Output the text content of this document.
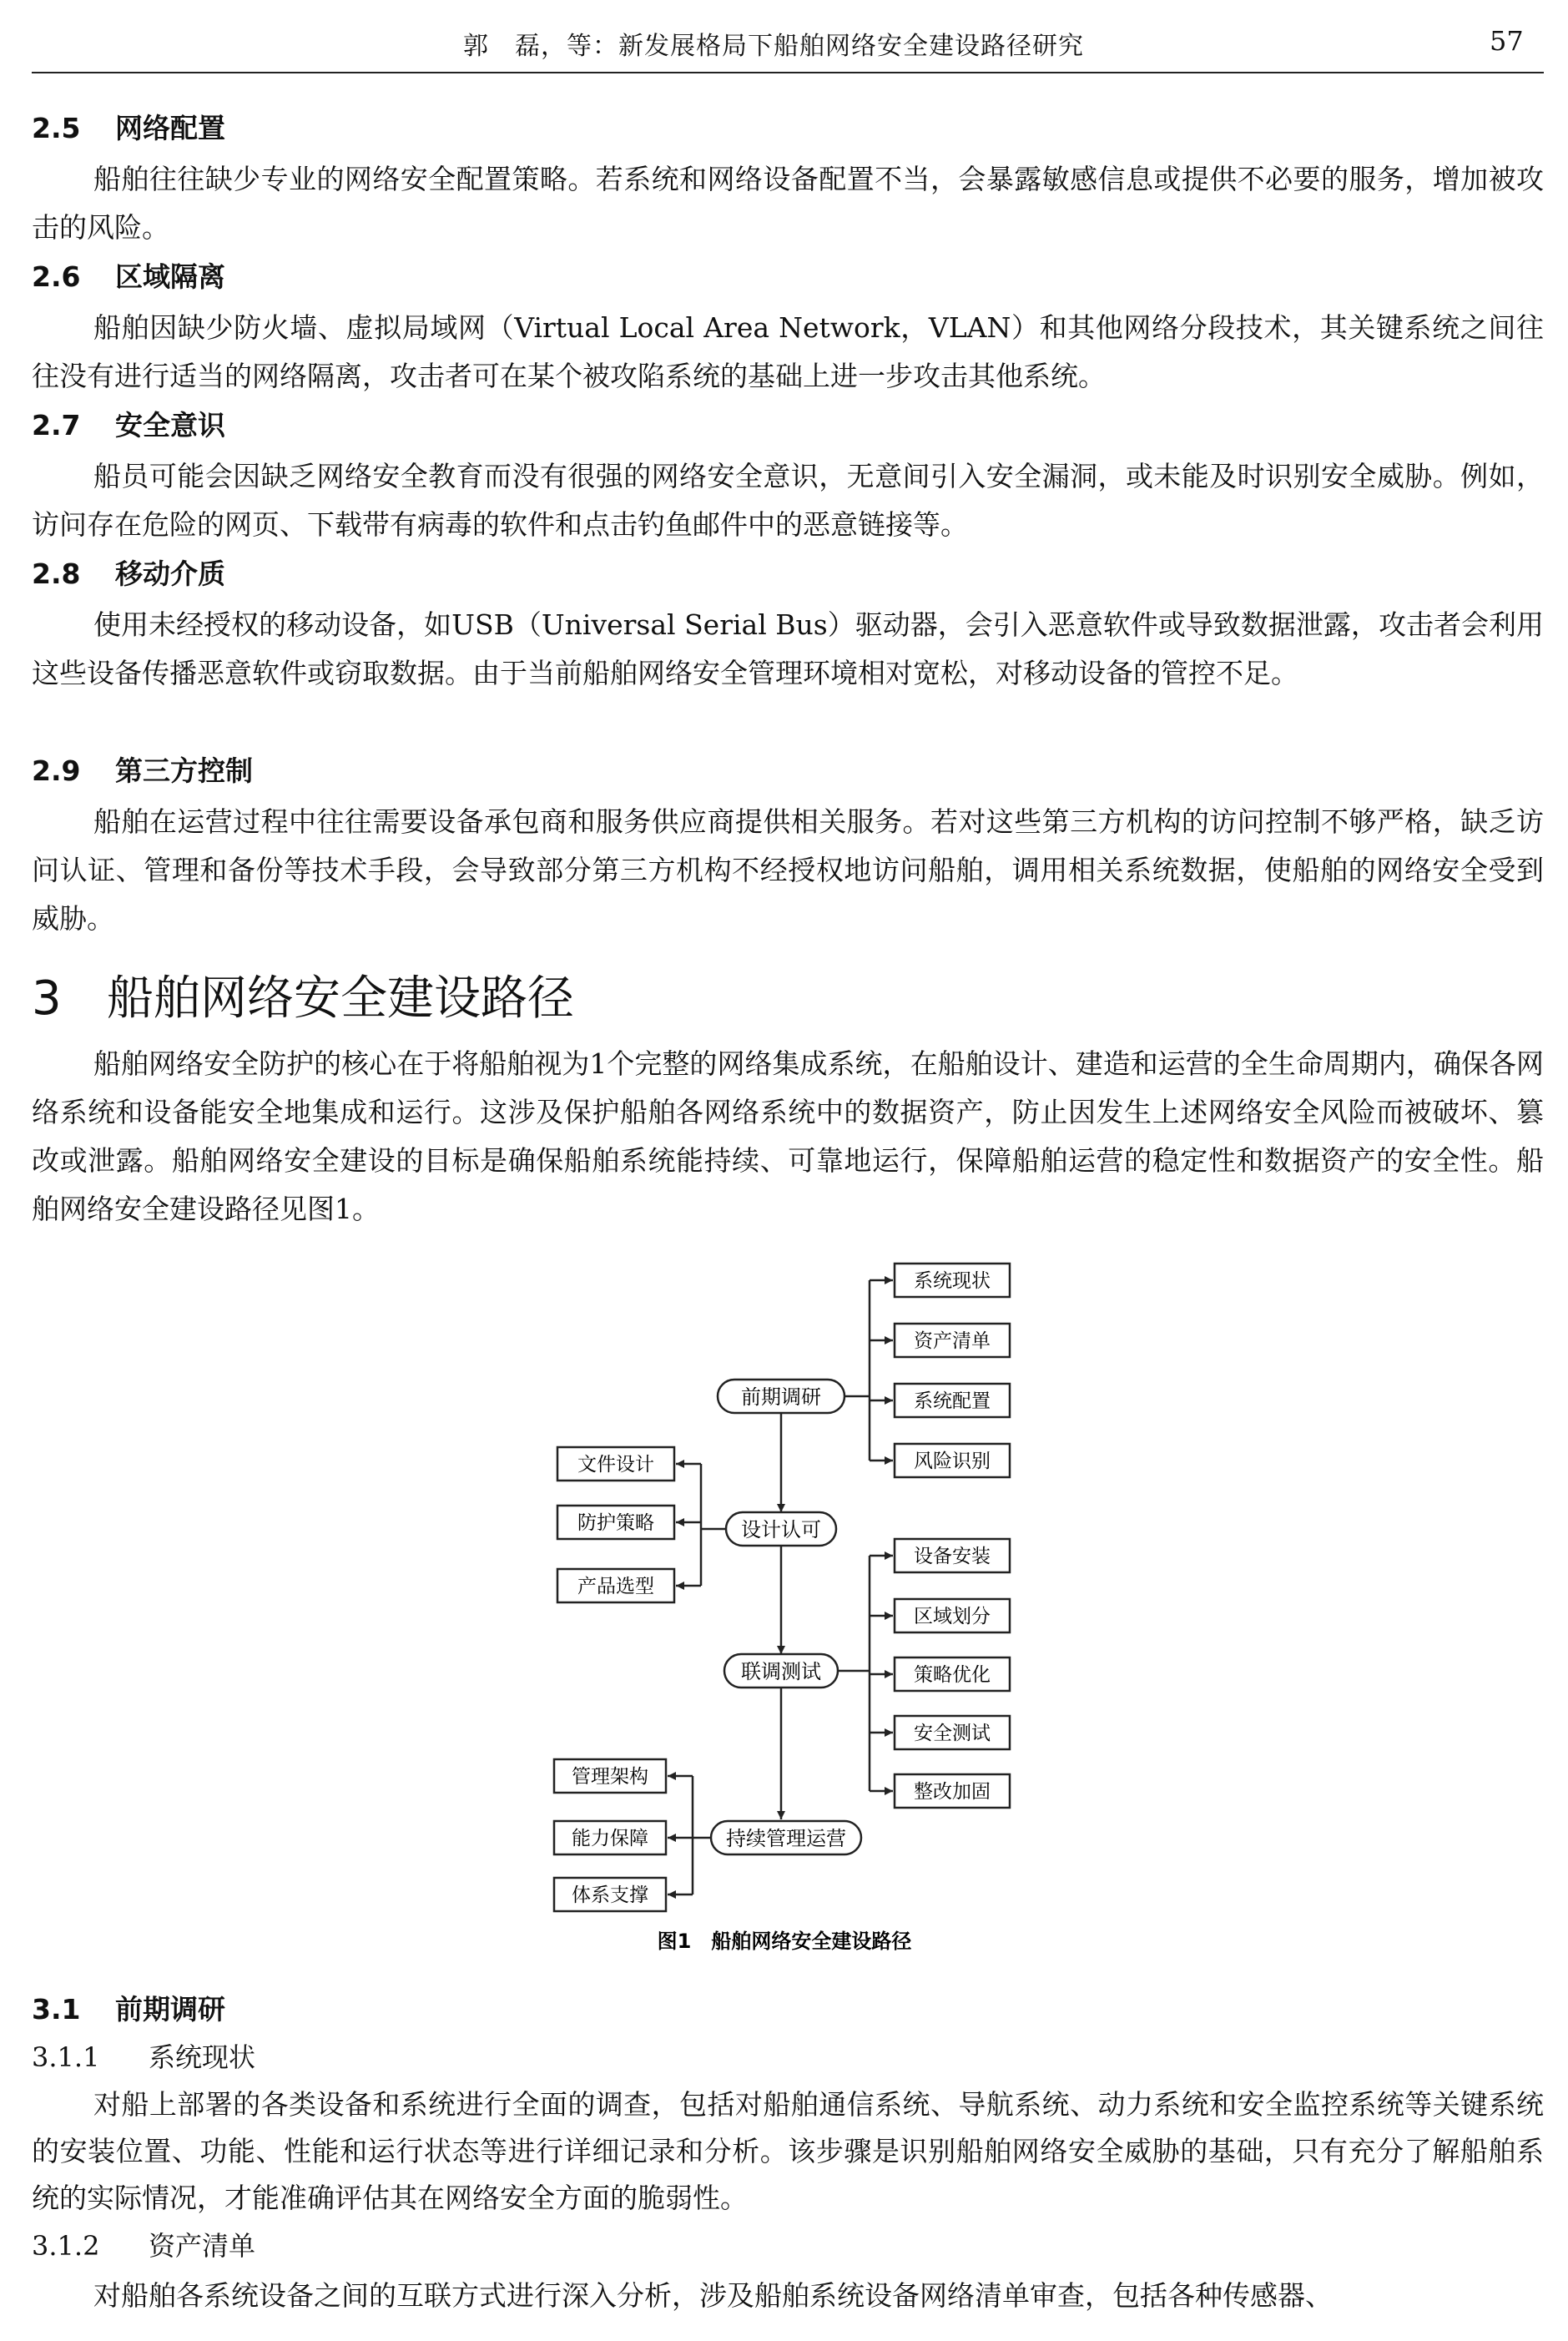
郭　磊，等：新发展格局下船舶网络安全建设路径研究	57
2.5 网络配置

船舶往往缺少专业的网络安全配置策略。若系统和网络设备配置不当，会暴露敏感信息或提供不必要的服务，增加被攻击的风险。

2.6 区域隔离

船舶因缺少防火墙、虚拟局域网（Virtual Local Area Network，VLAN）和其他网络分段技术，其关键系统之间往往没有进行适当的网络隔离，攻击者可在某个被攻陷系统的基础上进一步攻击其他系统。

2.7 安全意识

船员可能会因缺乏网络安全教育而没有很强的网络安全意识，无意间引入安全漏洞，或未能及时识别安全威胁。例如，访问存在危险的网页、下载带有病毒的软件和点击钓鱼邮件中的恶意链接等。

2.8 移动介质

使用未经授权的移动设备，如USB（Universal Serial Bus）驱动器，会引入恶意软件或导致数据泄露，攻击者会利用这些设备传播恶意软件或窃取数据。由于当前船舶网络安全管理环境相对宽松，对移动设备的管控不足。

2.9 第三方控制

船舶在运营过程中往往需要设备承包商和服务供应商提供相关服务。若对这些第三方机构的访问控制不够严格，缺乏访问认证、管理和备份等技术手段，会导致部分第三方机构不经授权地访问船舶，调用相关系统数据，使船舶的网络安全受到威胁。

3 船舶网络安全建设路径

船舶网络安全防护的核心在于将船舶视为1个完整的网络集成系统，在船舶设计、建造和运营的全生命周期内，确保各网络系统和设备能安全地集成和运行。这涉及保护船舶各网络系统中的数据资产，防止因发生上述网络安全风险而被破坏、篡改或泄露。船舶网络安全建设的目标是确保船舶系统能持续、可靠地运行，保障船舶运营的稳定性和数据资产的安全性。船舶网络安全建设路径见图1。

前期调研
设计认可
联调测试
持续管理运营
系统现状
资产清单
系统配置
风险识别
文件设计
防护策略
产品选型
设备安装
区域划分
策略优化
安全测试
整改加固
管理架构
能力保障
体系支撑
图1　船舶网络安全建设路径
3.1 前期调研
3.1.1 系统现状

对船上部署的各类设备和系统进行全面的调查，包括对船舶通信系统、导航系统、动力系统和安全监控系统等关键系统的安装位置、功能、性能和运行状态等进行详细记录和分析。该步骤是识别船舶网络安全威胁的基础，只有充分了解船舶系统的实际情况，才能准确评估其在网络安全方面的脆弱性。

3.1.2 资产清单

对船舶各系统设备之间的互联方式进行深入分析，涉及船舶系统设备网络清单审查，包括各种传感器、
